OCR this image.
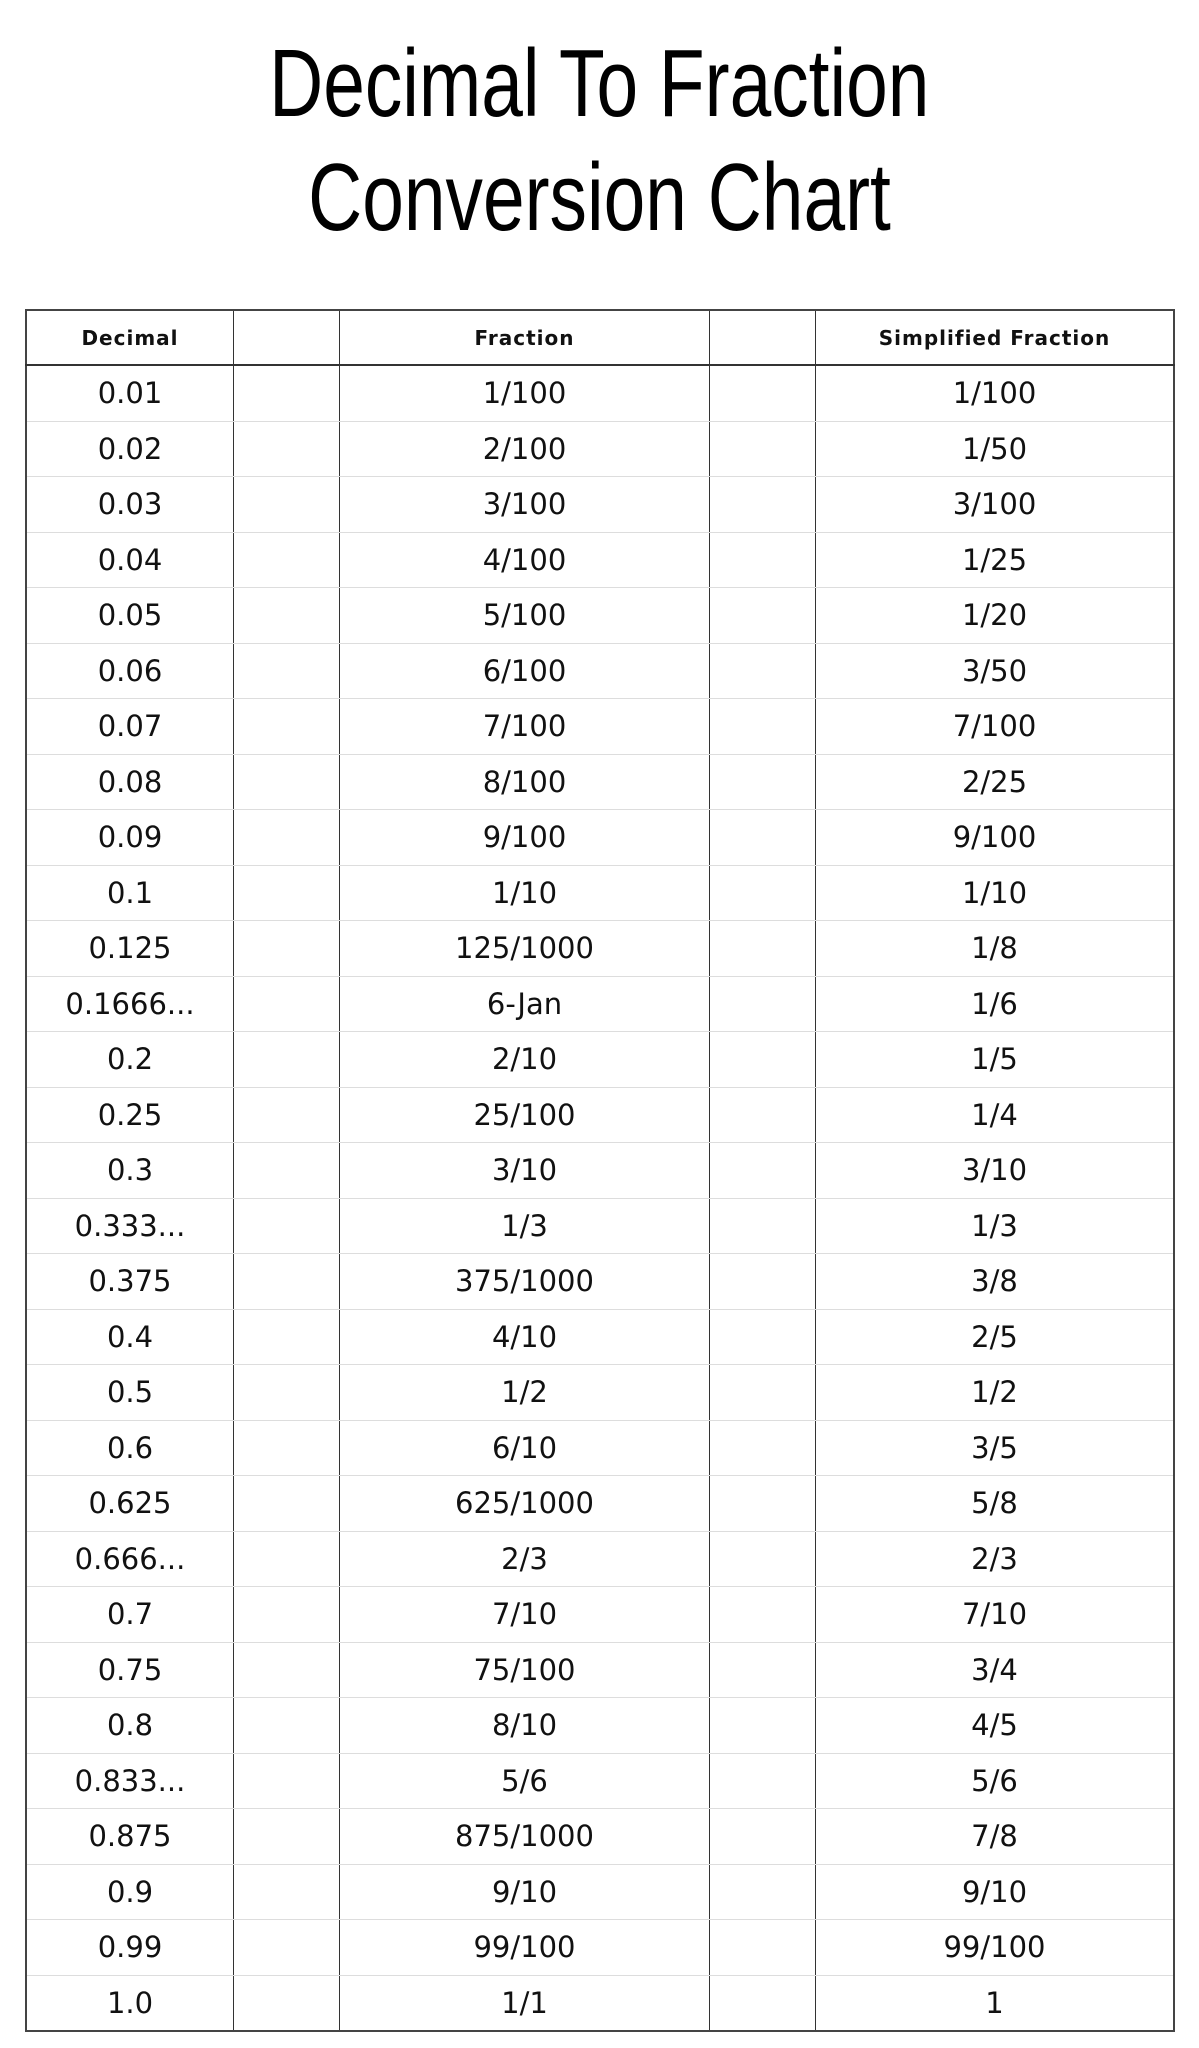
Decimal To Fraction
Conversion Chart
Decimal		Fraction		Simplified Fraction
0.01		1/100		1/100
0.02		2/100		1/50
0.03		3/100		3/100
0.04		4/100		1/25
0.05		5/100		1/20
0.06		6/100		3/50
0.07		7/100		7/100
0.08		8/100		2/25
0.09		9/100		9/100
0.1		1/10		1/10
0.125		125/1000		1/8
0.1666...		6-Jan		1/6
0.2		2/10		1/5
0.25		25/100		1/4
0.3		3/10		3/10
0.333...		1/3		1/3
0.375		375/1000		3/8
0.4		4/10		2/5
0.5		1/2		1/2
0.6		6/10		3/5
0.625		625/1000		5/8
0.666...		2/3		2/3
0.7		7/10		7/10
0.75		75/100		3/4
0.8		8/10		4/5
0.833...		5/6		5/6
0.875		875/1000		7/8
0.9		9/10		9/10
0.99		99/100		99/100
1.0		1/1		1
